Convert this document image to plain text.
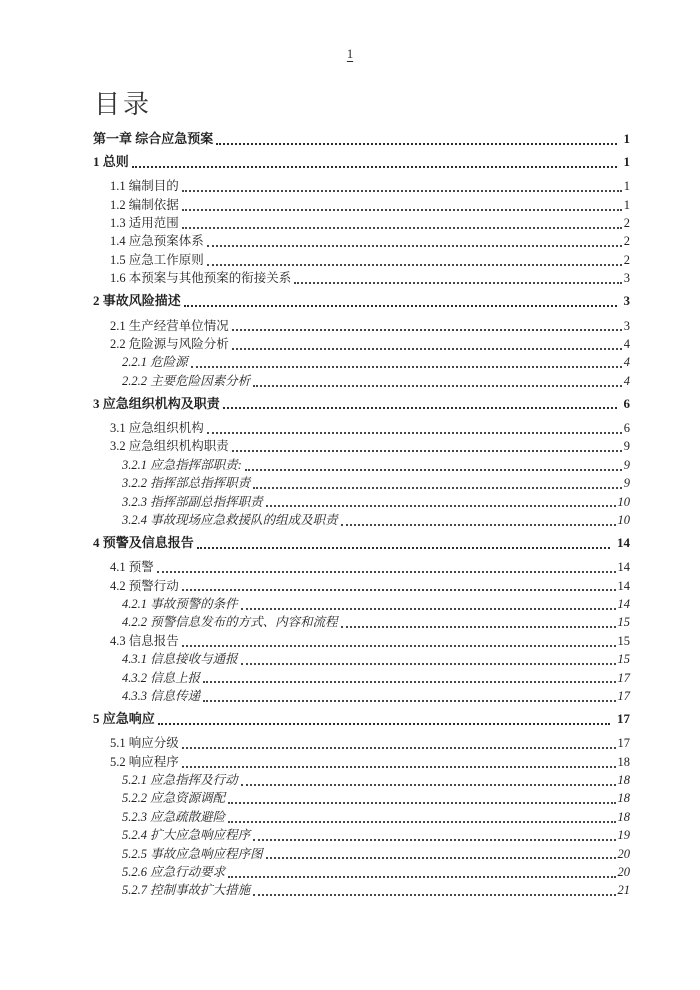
1
目录
第一章 综合应急预案	1
1 总则	1
1.1 编制目的	1
1.2 编制依据	1
1.3 适用范围	2
1.4 应急预案体系	2
1.5 应急工作原则	2
1.6 本预案与其他预案的衔接关系	3
2 事故风险描述	3
2.1 生产经营单位情况	3
2.2 危险源与风险分析	4
2.2.1 危险源	4
2.2.2 主要危险因素分析	4
3 应急组织机构及职责	6
3.1 应急组织机构	6
3.2 应急组织机构职责	9
3.2.1 应急指挥部职责:	9
3.2.2 指挥部总指挥职责	9
3.2.3 指挥部副总指挥职责	10
3.2.4 事故现场应急救援队的组成及职责	10
4 预警及信息报告	14
4.1 预警	14
4.2 预警行动	14
4.2.1 事故预警的条件	14
4.2.2 预警信息发布的方式、内容和流程	15
4.3 信息报告	15
4.3.1 信息接收与通报	15
4.3.2 信息上报	17
4.3.3 信息传递	17
5 应急响应	17
5.1 响应分级	17
5.2 响应程序	18
5.2.1 应急指挥及行动	18
5.2.2 应急资源调配	18
5.2.3 应急疏散避险	18
5.2.4 扩大应急响应程序	19
5.2.5 事故应急响应程序图	20
5.2.6 应急行动要求	20
5.2.7 控制事故扩大措施	21
